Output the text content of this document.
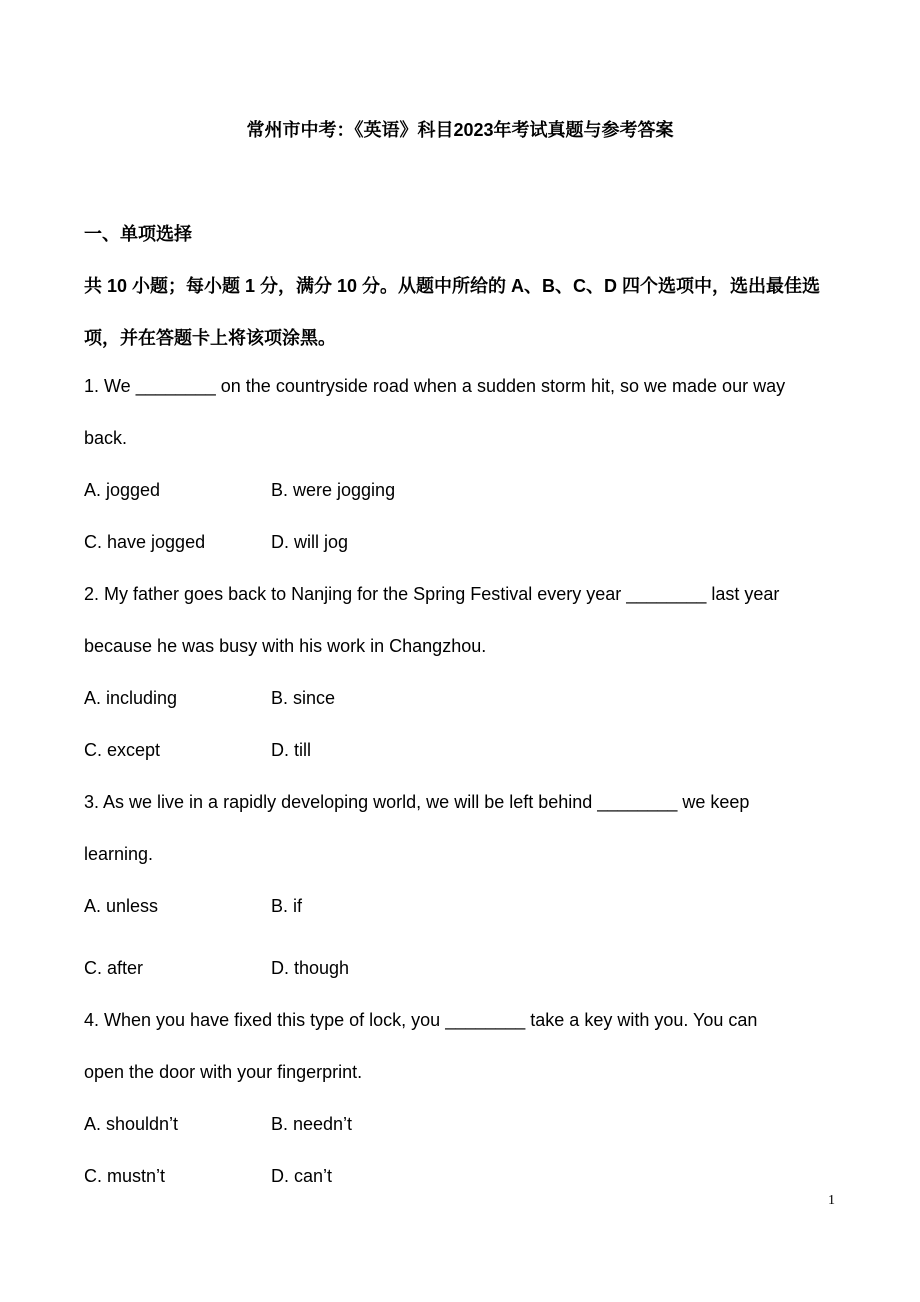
常州市中考：《英语》科目2023年考试真题与参考答案
一、单项选择
共 10 小题；每小题 1 分，满分 10 分。从题中所给的 A、B、C、D 四个选项中，选出最佳选
项，并在答题卡上将该项涂黑。
1. We ________ on the countryside road when a sudden storm hit, so we made our way
back.
A. jogged	B. were jogging
C. have jogged	D. will jog
2. My father goes back to Nanjing for the Spring Festival every year ________ last year
because he was busy with his work in Changzhou.
A. including	B. since
C. except	D. till
3. As we live in a rapidly developing world, we will be left behind ________ we keep
learning.
A. unless	B. if
C. after	D. though
4. When you have fixed this type of lock, you ________ take a key with you. You can
open the door with your fingerprint.
A. shouldn’t	B. needn’t
C. mustn’t	D. can’t
1
